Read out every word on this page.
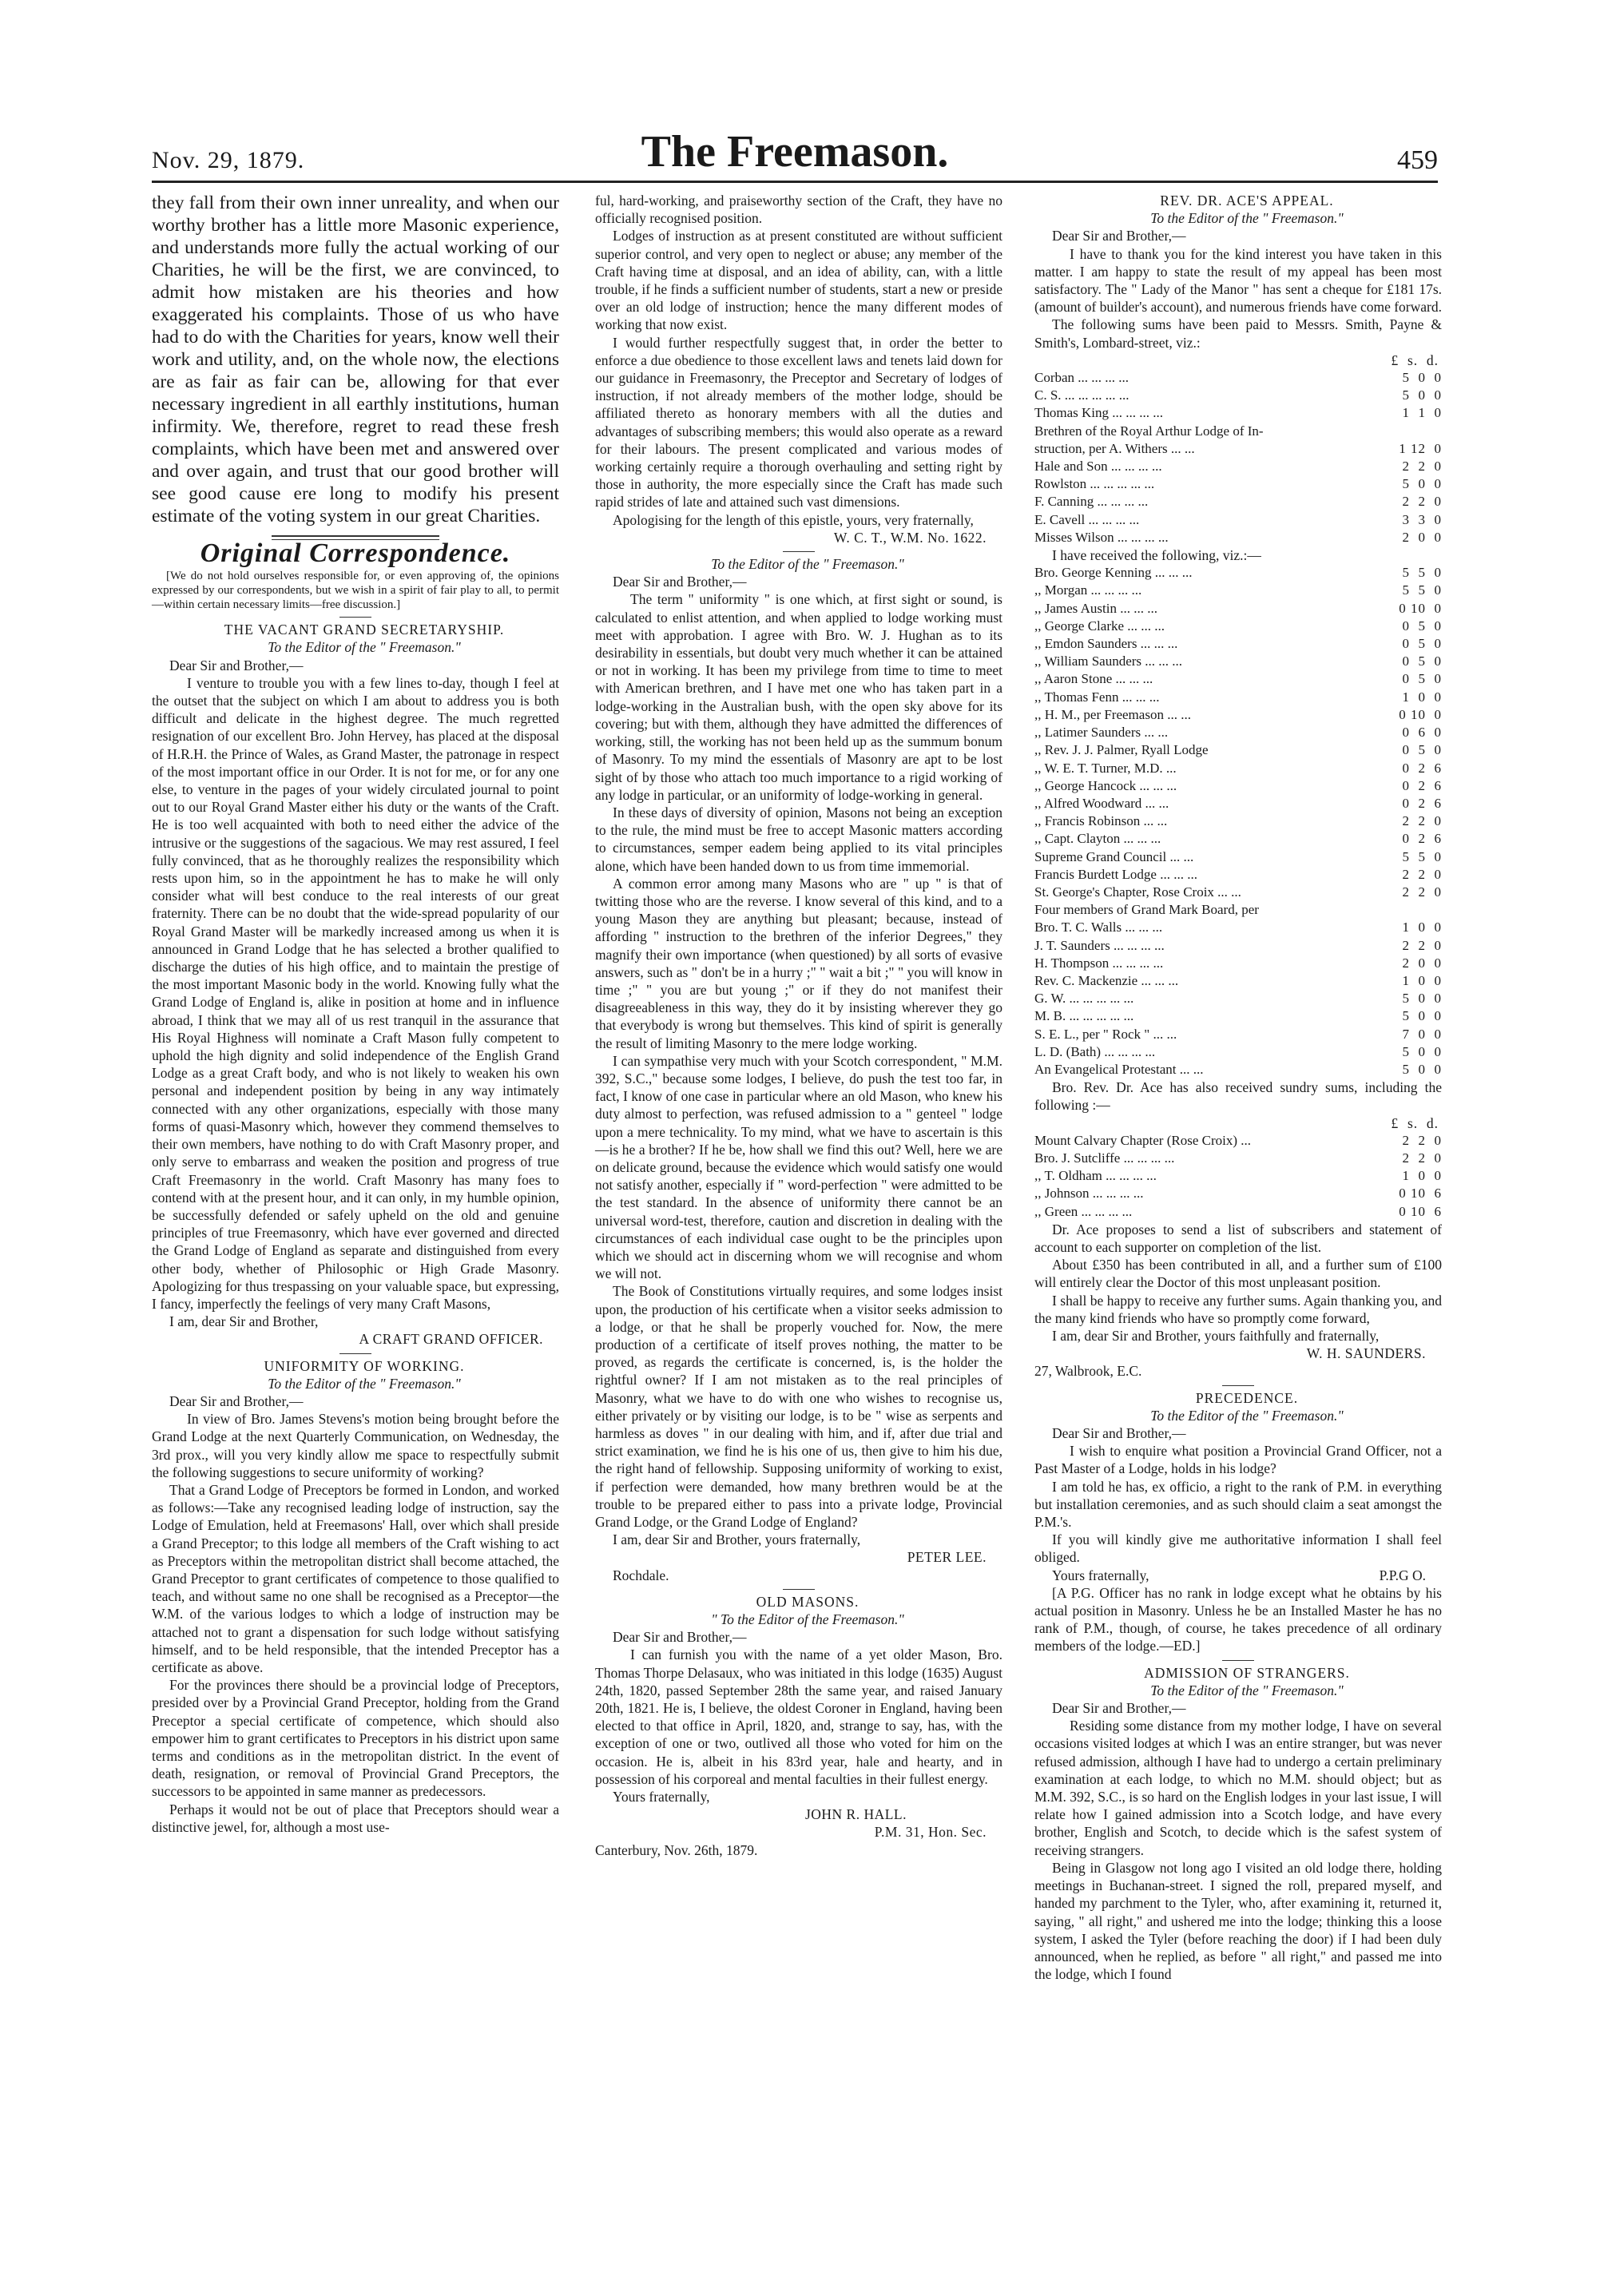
Nov. 29, 1879.	The Freemason.	459

they fall from their own inner unreality, and when our worthy brother has a little more Masonic experience, and understands more fully the actual working of our Charities, he will be the first, we are convinced, to admit how mistaken are his theories and how exaggerated his complaints. Those of us who have had to do with the Charities for years, know well their work and utility, and, on the whole now, the elections are as fair as fair can be, allowing for that ever necessary ingredient in all earthly institutions, human infirmity. We, therefore, regret to read these fresh complaints, which have been met and answered over and over again, and trust that our good brother will see good cause ere long to modify his present estimate of the voting system in our great Charities.

Original Correspondence.

[We do not hold ourselves responsible for, or even approving of, the opinions expressed by our correspondents, but we wish in a spirit of fair play to all, to permit—within certain necessary limits—free discussion.]

THE VACANT GRAND SECRETARYSHIP.

To the Editor of the " Freemason."

Dear Sir and Brother,—

I venture to trouble you with a few lines to-day, though I feel at the outset that the subject on which I am about to address you is both difficult and delicate in the highest degree. The much regretted resignation of our excellent Bro. John Hervey, has placed at the disposal of H.R.H. the Prince of Wales, as Grand Master, the patronage in respect of the most important office in our Order. It is not for me, or for any one else, to venture in the pages of your widely circulated journal to point out to our Royal Grand Master either his duty or the wants of the Craft. He is too well acquainted with both to need either the advice of the intrusive or the suggestions of the sagacious. We may rest assured, I feel fully convinced, that as he thoroughly realizes the responsibility which rests upon him, so in the appointment he has to make he will only consider what will best conduce to the real interests of our great fraternity. There can be no doubt that the wide-spread popularity of our Royal Grand Master will be markedly increased among us when it is announced in Grand Lodge that he has selected a brother qualified to discharge the duties of his high office, and to maintain the prestige of the most important Masonic body in the world. Knowing fully what the Grand Lodge of England is, alike in position at home and in influence abroad, I think that we may all of us rest tranquil in the assurance that His Royal Highness will nominate a Craft Mason fully competent to uphold the high dignity and solid independence of the English Grand Lodge as a great Craft body, and who is not likely to weaken his own personal and independent position by being in any way intimately connected with any other organizations, especially with those many forms of quasi-Masonry which, however they commend themselves to their own members, have nothing to do with Craft Masonry proper, and only serve to embarrass and weaken the position and progress of true Craft Freemasonry in the world. Craft Masonry has many foes to contend with at the present hour, and it can only, in my humble opinion, be successfully defended or safely upheld on the old and genuine principles of true Freemasonry, which have ever governed and directed the Grand Lodge of England as separate and distinguished from every other body, whether of Philosophic or High Grade Masonry. Apologizing for thus trespassing on your valuable space, but expressing, I fancy, imperfectly the feelings of very many Craft Masons,

I am, dear Sir and Brother,

A CRAFT GRAND OFFICER.

UNIFORMITY OF WORKING.

To the Editor of the " Freemason."

Dear Sir and Brother,—

In view of Bro. James Stevens's motion being brought before the Grand Lodge at the next Quarterly Communication, on Wednesday, the 3rd prox., will you very kindly allow me space to respectfully submit the following suggestions to secure uniformity of working?

That a Grand Lodge of Preceptors be formed in London, and worked as follows:—Take any recognised leading lodge of instruction, say the Lodge of Emulation, held at Freemasons' Hall, over which shall preside a Grand Preceptor; to this lodge all members of the Craft wishing to act as Preceptors within the metropolitan district shall become attached, the Grand Preceptor to grant certificates of competence to those qualified to teach, and without same no one shall be recognised as a Preceptor—the W.M. of the various lodges to which a lodge of instruction may be attached not to grant a dispensation for such lodge without satisfying himself, and to be held responsible, that the intended Preceptor has a certificate as above.

For the provinces there should be a provincial lodge of Preceptors, presided over by a Provincial Grand Preceptor, holding from the Grand Preceptor a special certificate of competence, which should also empower him to grant certificates to Preceptors in his district upon same terms and conditions as in the metropolitan district. In the event of death, resignation, or removal of Provincial Grand Preceptors, the successors to be appointed in same manner as predecessors.

Perhaps it would not be out of place that Preceptors should wear a distinctive jewel, for, although a most use-

ful, hard-working, and praiseworthy section of the Craft, they have no officially recognised position.

Lodges of instruction as at present constituted are without sufficient superior control, and very open to neglect or abuse; any member of the Craft having time at disposal, and an idea of ability, can, with a little trouble, if he finds a sufficient number of students, start a new or preside over an old lodge of instruction; hence the many different modes of working that now exist.

I would further respectfully suggest that, in order the better to enforce a due obedience to those excellent laws and tenets laid down for our guidance in Freemasonry, the Preceptor and Secretary of lodges of instruction, if not already members of the mother lodge, should be affiliated thereto as honorary members with all the duties and advantages of subscribing members; this would also operate as a reward for their labours. The present complicated and various modes of working certainly require a thorough overhauling and setting right by those in authority, the more especially since the Craft has made such rapid strides of late and attained such vast dimensions.

Apologising for the length of this epistle, yours, very fraternally,

W. C. T., W.M. No. 1622.

To the Editor of the " Freemason."

Dear Sir and Brother,—

The term " uniformity " is one which, at first sight or sound, is calculated to enlist attention, and when applied to lodge working must meet with approbation. I agree with Bro. W. J. Hughan as to its desirability in essentials, but doubt very much whether it can be attained or not in working. It has been my privilege from time to time to meet with American brethren, and I have met one who has taken part in a lodge-working in the Australian bush, with the open sky above for its covering; but with them, although they have admitted the differences of working, still, the working has not been held up as the summum bonum of Masonry. To my mind the essentials of Masonry are apt to be lost sight of by those who attach too much importance to a rigid working of any lodge in particular, or an uniformity of lodge-working in general.

In these days of diversity of opinion, Masons not being an exception to the rule, the mind must be free to accept Masonic matters according to circumstances, semper eadem being applied to its vital principles alone, which have been handed down to us from time immemorial.

A common error among many Masons who are " up " is that of twitting those who are the reverse. I know several of this kind, and to a young Mason they are anything but pleasant; because, instead of affording " instruction to the brethren of the inferior Degrees," they magnify their own importance (when questioned) by all sorts of evasive answers, such as " don't be in a hurry ;" " wait a bit ;" " you will know in time ;" " you are but young ;" or if they do not manifest their disagreeableness in this way, they do it by insisting wherever they go that everybody is wrong but themselves. This kind of spirit is generally the result of limiting Masonry to the mere lodge working.

I can sympathise very much with your Scotch correspondent, " M.M. 392, S.C.," because some lodges, I believe, do push the test too far, in fact, I know of one case in particular where an old Mason, who knew his duty almost to perfection, was refused admission to a " genteel " lodge upon a mere technicality. To my mind, what we have to ascertain is this—is he a brother? If he be, how shall we find this out? Well, here we are on delicate ground, because the evidence which would satisfy one would not satisfy another, especially if " word-perfection " were admitted to be the test standard. In the absence of uniformity there cannot be an universal word-test, therefore, caution and discretion in dealing with the circumstances of each individual case ought to be the principles upon which we should act in discerning whom we will recognise and whom we will not.

The Book of Constitutions virtually requires, and some lodges insist upon, the production of his certificate when a visitor seeks admission to a lodge, or that he shall be properly vouched for. Now, the mere production of a certificate of itself proves nothing, the matter to be proved, as regards the certificate is concerned, is, is the holder the rightful owner? If I am not mistaken as to the real principles of Masonry, what we have to do with one who wishes to recognise us, either privately or by visiting our lodge, is to be " wise as serpents and harmless as doves " in our dealing with him, and if, after due trial and strict examination, we find he is his one of us, then give to him his due, the right hand of fellowship. Supposing uniformity of working to exist, if perfection were demanded, how many brethren would be at the trouble to be prepared either to pass into a private lodge, Provincial Grand Lodge, or the Grand Lodge of England?

I am, dear Sir and Brother, yours fraternally,

PETER LEE.

Rochdale.

OLD MASONS.

" To the Editor of the Freemason."

Dear Sir and Brother,—

I can furnish you with the name of a yet older Mason, Bro. Thomas Thorpe Delasaux, who was initiated in this lodge (1635) August 24th, 1820, passed September 28th the same year, and raised January 20th, 1821. He is, I believe, the oldest Coroner in England, having been elected to that office in April, 1820, and, strange to say, has, with the exception of one or two, outlived all those who voted for him on the occasion. He is, albeit in his 83rd year, hale and hearty, and in possession of his corporeal and mental faculties in their fullest energy.

Yours fraternally,

JOHN R. HALL.

P.M. 31, Hon. Sec.

Canterbury, Nov. 26th, 1879.

REV. DR. ACE'S APPEAL.

To the Editor of the " Freemason."

Dear Sir and Brother,—

I have to thank you for the kind interest you have taken in this matter. I am happy to state the result of my appeal has been most satisfactory. The " Lady of the Manor " has sent a cheque for £181 17s. (amount of builder's account), and numerous friends have come forward.

The following sums have been paid to Messrs. Smith, Payne & Smith's, Lombard-street, viz.:

£  s.  d.
Corban ... ... ... ...	5  0  0
C. S. ... ... ... ... ...	5  0  0
Thomas King ... ... ... ...	1  1  0
Brethren of the Royal Arthur Lodge of In-
struction, per A. Withers ... ...	1 12  0
Hale and Son ... ... ... ...	2  2  0
Rowlston ... ... ... ... ...	5  0  0
F. Canning ... ... ... ...	2  2  0
E. Cavell ... ... ... ...	3  3  0
Misses Wilson ... ... ... ...	2  0  0

I have received the following, viz.:—

Bro. George Kenning ... ... ...	5  5  0
,, Morgan ... ... ... ...	5  5  0
,, James Austin ... ... ...	0 10  0
,, George Clarke ... ... ...	0  5  0
,, Emdon Saunders ... ... ...	0  5  0
,, William Saunders ... ... ...	0  5  0
,, Aaron Stone ... ... ...	0  5  0
,, Thomas Fenn ... ... ...	1  0  0
,, H. M., per Freemason ... ...	0 10  0
,, Latimer Saunders ... ...	0  6  0
,, Rev. J. J. Palmer, Ryall Lodge	0  5  0
,, W. E. T. Turner, M.D. ...	0  2  6
,, George Hancock ... ... ...	0  2  6
,, Alfred Woodward ... ...	0  2  6
,, Francis Robinson ... ...	2  2  0
,, Capt. Clayton ... ... ...	0  2  6
Supreme Grand Council ... ...	5  5  0
Francis Burdett Lodge ... ... ...	2  2  0
St. George's Chapter, Rose Croix ... ...	2  2  0
Four members of Grand Mark Board, per
Bro. T. C. Walls ... ... ...	1  0  0
J. T. Saunders ... ... ... ...	2  2  0
H. Thompson ... ... ... ...	2  0  0
Rev. C. Mackenzie ... ... ...	1  0  0
G. W. ... ... ... ... ...	5  0  0
M. B. ... ... ... ... ...	5  0  0
S. E. L., per " Rock " ... ...	7  0  0
L. D. (Bath) ... ... ... ...	5  0  0
An Evangelical Protestant ... ...	5  0  0

Bro. Rev. Dr. Ace has also received sundry sums, including the following :—

£  s.  d.
Mount Calvary Chapter (Rose Croix) ...	2  2  0
Bro. J. Sutcliffe ... ... ... ...	2  2  0
,, T. Oldham ... ... ... ...	1  0  0
,, Johnson ... ... ... ...	0 10  6
,, Green ... ... ... ...	0 10  6

Dr. Ace proposes to send a list of subscribers and statement of account to each supporter on completion of the list.

About £350 has been contributed in all, and a further sum of £100 will entirely clear the Doctor of this most unpleasant position.

I shall be happy to receive any further sums. Again thanking you, and the many kind friends who have so promptly come forward,

I am, dear Sir and Brother, yours faithfully and fraternally,

W. H. SAUNDERS.

27, Walbrook, E.C.

PRECEDENCE.

To the Editor of the " Freemason."

Dear Sir and Brother,—

I wish to enquire what position a Provincial Grand Officer, not a Past Master of a Lodge, holds in his lodge?

I am told he has, ex officio, a right to the rank of P.M. in everything but installation ceremonies, and as such should claim a seat amongst the P.M.'s.

If you will kindly give me authoritative information I shall feel obliged.

Yours fraternally,	P.P.G O.

[A P.G. Officer has no rank in lodge except what he obtains by his actual position in Masonry. Unless he be an Installed Master he has no rank of P.M., though, of course, he takes precedence of all ordinary members of the lodge.—ED.]

ADMISSION OF STRANGERS.

To the Editor of the " Freemason."

Dear Sir and Brother,—

Residing some distance from my mother lodge, I have on several occasions visited lodges at which I was an entire stranger, but was never refused admission, although I have had to undergo a certain preliminary examination at each lodge, to which no M.M. should object; but as M.M. 392, S.C., is so hard on the English lodges in your last issue, I will relate how I gained admission into a Scotch lodge, and have every brother, English and Scotch, to decide which is the safest system of receiving strangers.

Being in Glasgow not long ago I visited an old lodge there, holding meetings in Buchanan-street. I signed the roll, prepared myself, and handed my parchment to the Tyler, who, after examining it, returned it, saying, " all right," and ushered me into the lodge; thinking this a loose system, I asked the Tyler (before reaching the door) if I had been duly announced, when he replied, as before " all right," and passed me into the lodge, which I found
